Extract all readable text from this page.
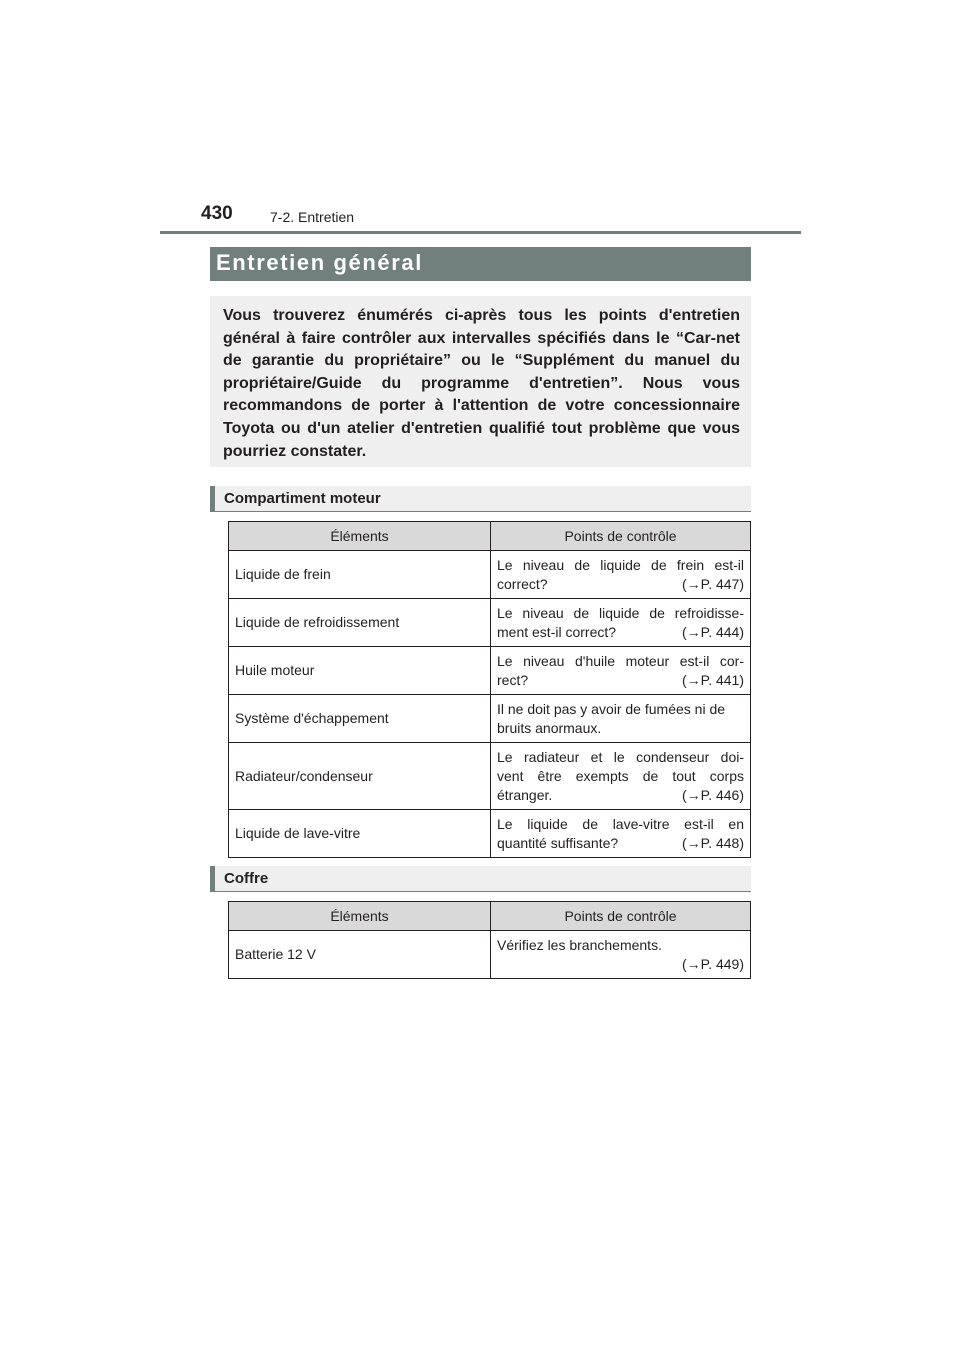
430	7-2. Entretien
Entretien général
Vous trouverez énumérés ci-après tous les points d'entretien général à faire contrôler aux intervalles spécifiés dans le “Car-net de garantie du propriétaire” ou le “Supplément du manuel du propriétaire/Guide du programme d'entretien”. Nous vous recommandons de porter à l'attention de votre concessionnaire Toyota ou d'un atelier d'entretien qualifié tout problème que vous pourriez constater.
Compartiment moteur
Éléments	Points de contrôle
Liquide de frein	Le niveau de liquide de frein est-il
correct? (→P. 447)

Liquide de refroidissement	Le niveau de liquide de refroidisse-
ment est-il correct? (→P. 444)

Huile moteur	Le niveau d'huile moteur est-il cor-
rect? (→P. 441)

Système d'échappement	Il ne doit pas y avoir de fumées ni de
bruits anormaux.

Radiateur/condenseur	Le radiateur et le condenseur doi-
vent être exempts de tout corps
étranger. (→P. 446)

Liquide de lave-vitre	Le liquide de lave-vitre est-il en
quantité suffisante? (→P. 448)
Coffre
Éléments	Points de contrôle
Batterie 12 V	Vérifiez les branchements.
(→P. 449)
